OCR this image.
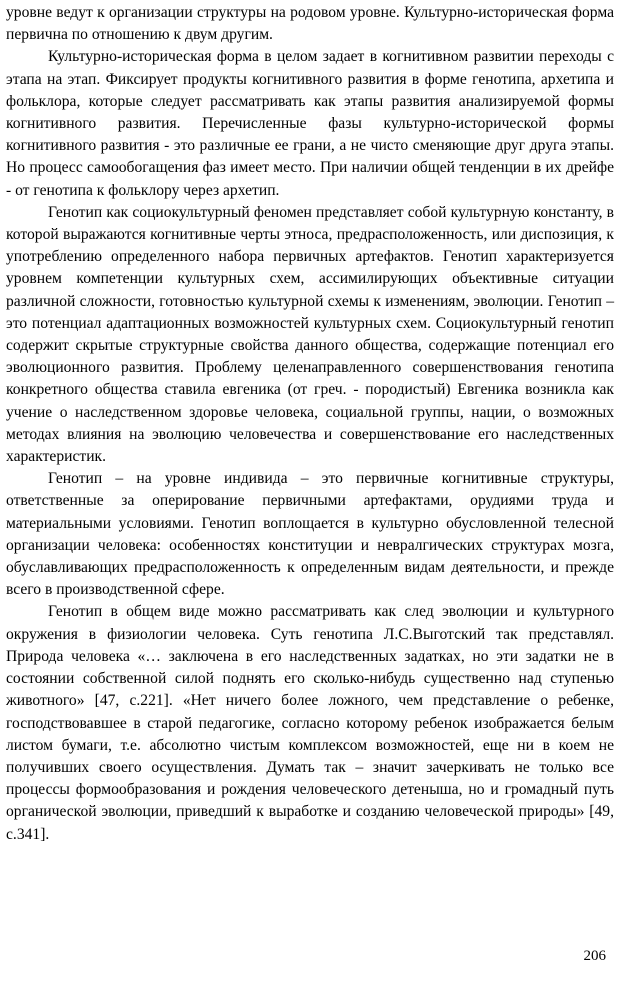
уровне ведут к организации структуры на родовом уровне. Культурно-историческая форма первична по отношению к двум другим.

Культурно-историческая форма в целом задает в когнитивном развитии переходы с этапа на этап. Фиксирует продукты когнитивного развития в форме генотипа, архетипа и фольклора, которые следует рассматривать как этапы развития анализируемой формы когнитивного развития. Перечисленные фазы культурно-исторической формы когнитивного развития - это различные ее грани, а не чисто сменяющие друг друга этапы. Но процесс самообогащения фаз имеет место. При наличии общей тенденции в их дрейфе - от генотипа к фольклору через архетип.

Генотип как социокультурный феномен представляет собой культурную константу, в которой выражаются когнитивные черты этноса, предрасположенность, или диспозиция, к употреблению определенного набора первичных артефактов. Генотип характеризуется уровнем компетенции культурных схем, ассимилирующих объективные ситуации различной сложности, готовностью культурной схемы к изменениям, эволюции. Генотип – это потенциал адаптационных возможностей культурных схем. Социокультурный генотип содержит скрытые структурные свойства данного общества, содержащие потенциал его эволюционного развития. Проблему целенаправленного совершенствования генотипа конкретного общества ставила евгеника (от греч. - породистый) Евгеника возникла как учение о наследственном здоровье человека, социальной группы, нации, о возможных методах влияния на эволюцию человечества и совершенствование его наследственных характеристик.

Генотип – на уровне индивида – это первичные когнитивные структуры, ответственные за оперирование первичными артефактами, орудиями труда и материальными условиями. Генотип воплощается в культурно обусловленной телесной организации человека: особенностях конституции и невралгических структурах мозга, обуславливающих предрасположенность к определенным видам деятельности, и прежде всего в производственной сфере.

Генотип в общем виде можно рассматривать как след эволюции и культурного окружения в физиологии человека. Суть генотипа Л.С.Выготский так представлял. Природа человека «… заключена в его наследственных задатках, но эти задатки не в состоянии собственной силой поднять его сколько-нибудь существенно над ступенью животного» [47, с.221]. «Нет ничего более ложного, чем представление о ребенке, господствовавшее в старой педагогике, согласно которому ребенок изображается белым листом бумаги, т.е. абсолютно чистым комплексом возможностей, еще ни в коем не получивших своего осуществления. Думать так – значит зачеркивать не только все процессы формообразования и рождения человеческого детеныша, но и громадный путь органической эволюции, приведший к выработке и созданию человеческой природы» [49, с.341].

206
